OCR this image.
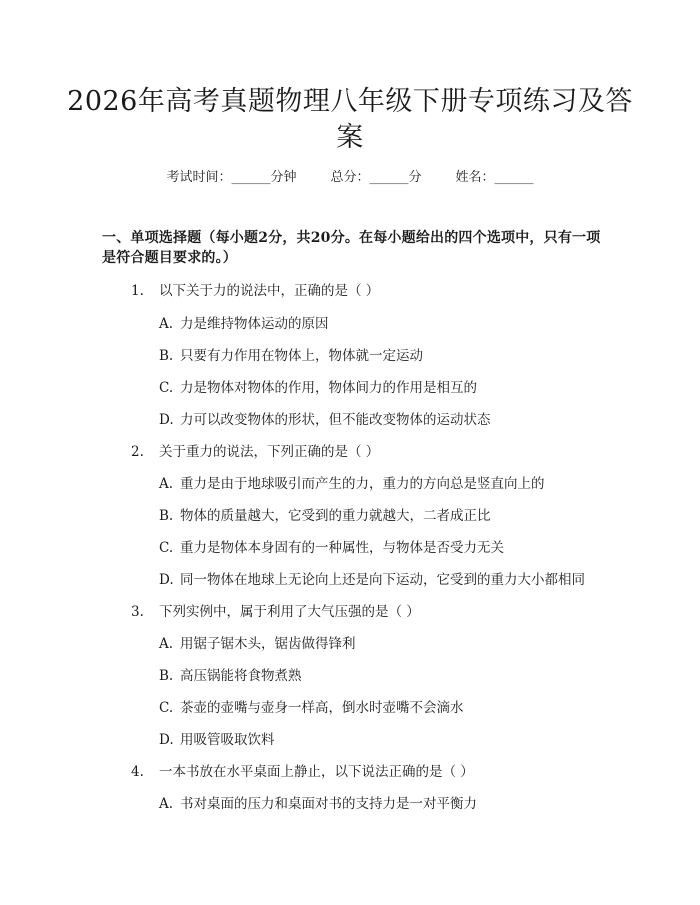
2026年高考真题物理八年级下册专项练习及答案
考试时间：______分钟	总分：______分	姓名：______

一、单项选择题（每小题2分，共20分。在每小题给出的四个选项中，只有一项是符合题目要求的。）

1. 以下关于力的说法中，正确的是（ ）
A. 力是维持物体运动的原因
B. 只要有力作用在物体上，物体就一定运动
C. 力是物体对物体的作用，物体间力的作用是相互的
D. 力可以改变物体的形状，但不能改变物体的运动状态
2. 关于重力的说法，下列正确的是（ ）
A. 重力是由于地球吸引而产生的力，重力的方向总是竖直向上的
B. 物体的质量越大，它受到的重力就越大，二者成正比
C. 重力是物体本身固有的一种属性，与物体是否受力无关
D. 同一物体在地球上无论向上还是向下运动，它受到的重力大小都相同
3. 下列实例中，属于利用了大气压强的是（ ）
A. 用锯子锯木头，锯齿做得锋利
B. 高压锅能将食物煮熟
C. 茶壶的壶嘴与壶身一样高，倒水时壶嘴不会滴水
D. 用吸管吸取饮料
4. 一本书放在水平桌面上静止，以下说法正确的是（ ）
A. 书对桌面的压力和桌面对书的支持力是一对平衡力
